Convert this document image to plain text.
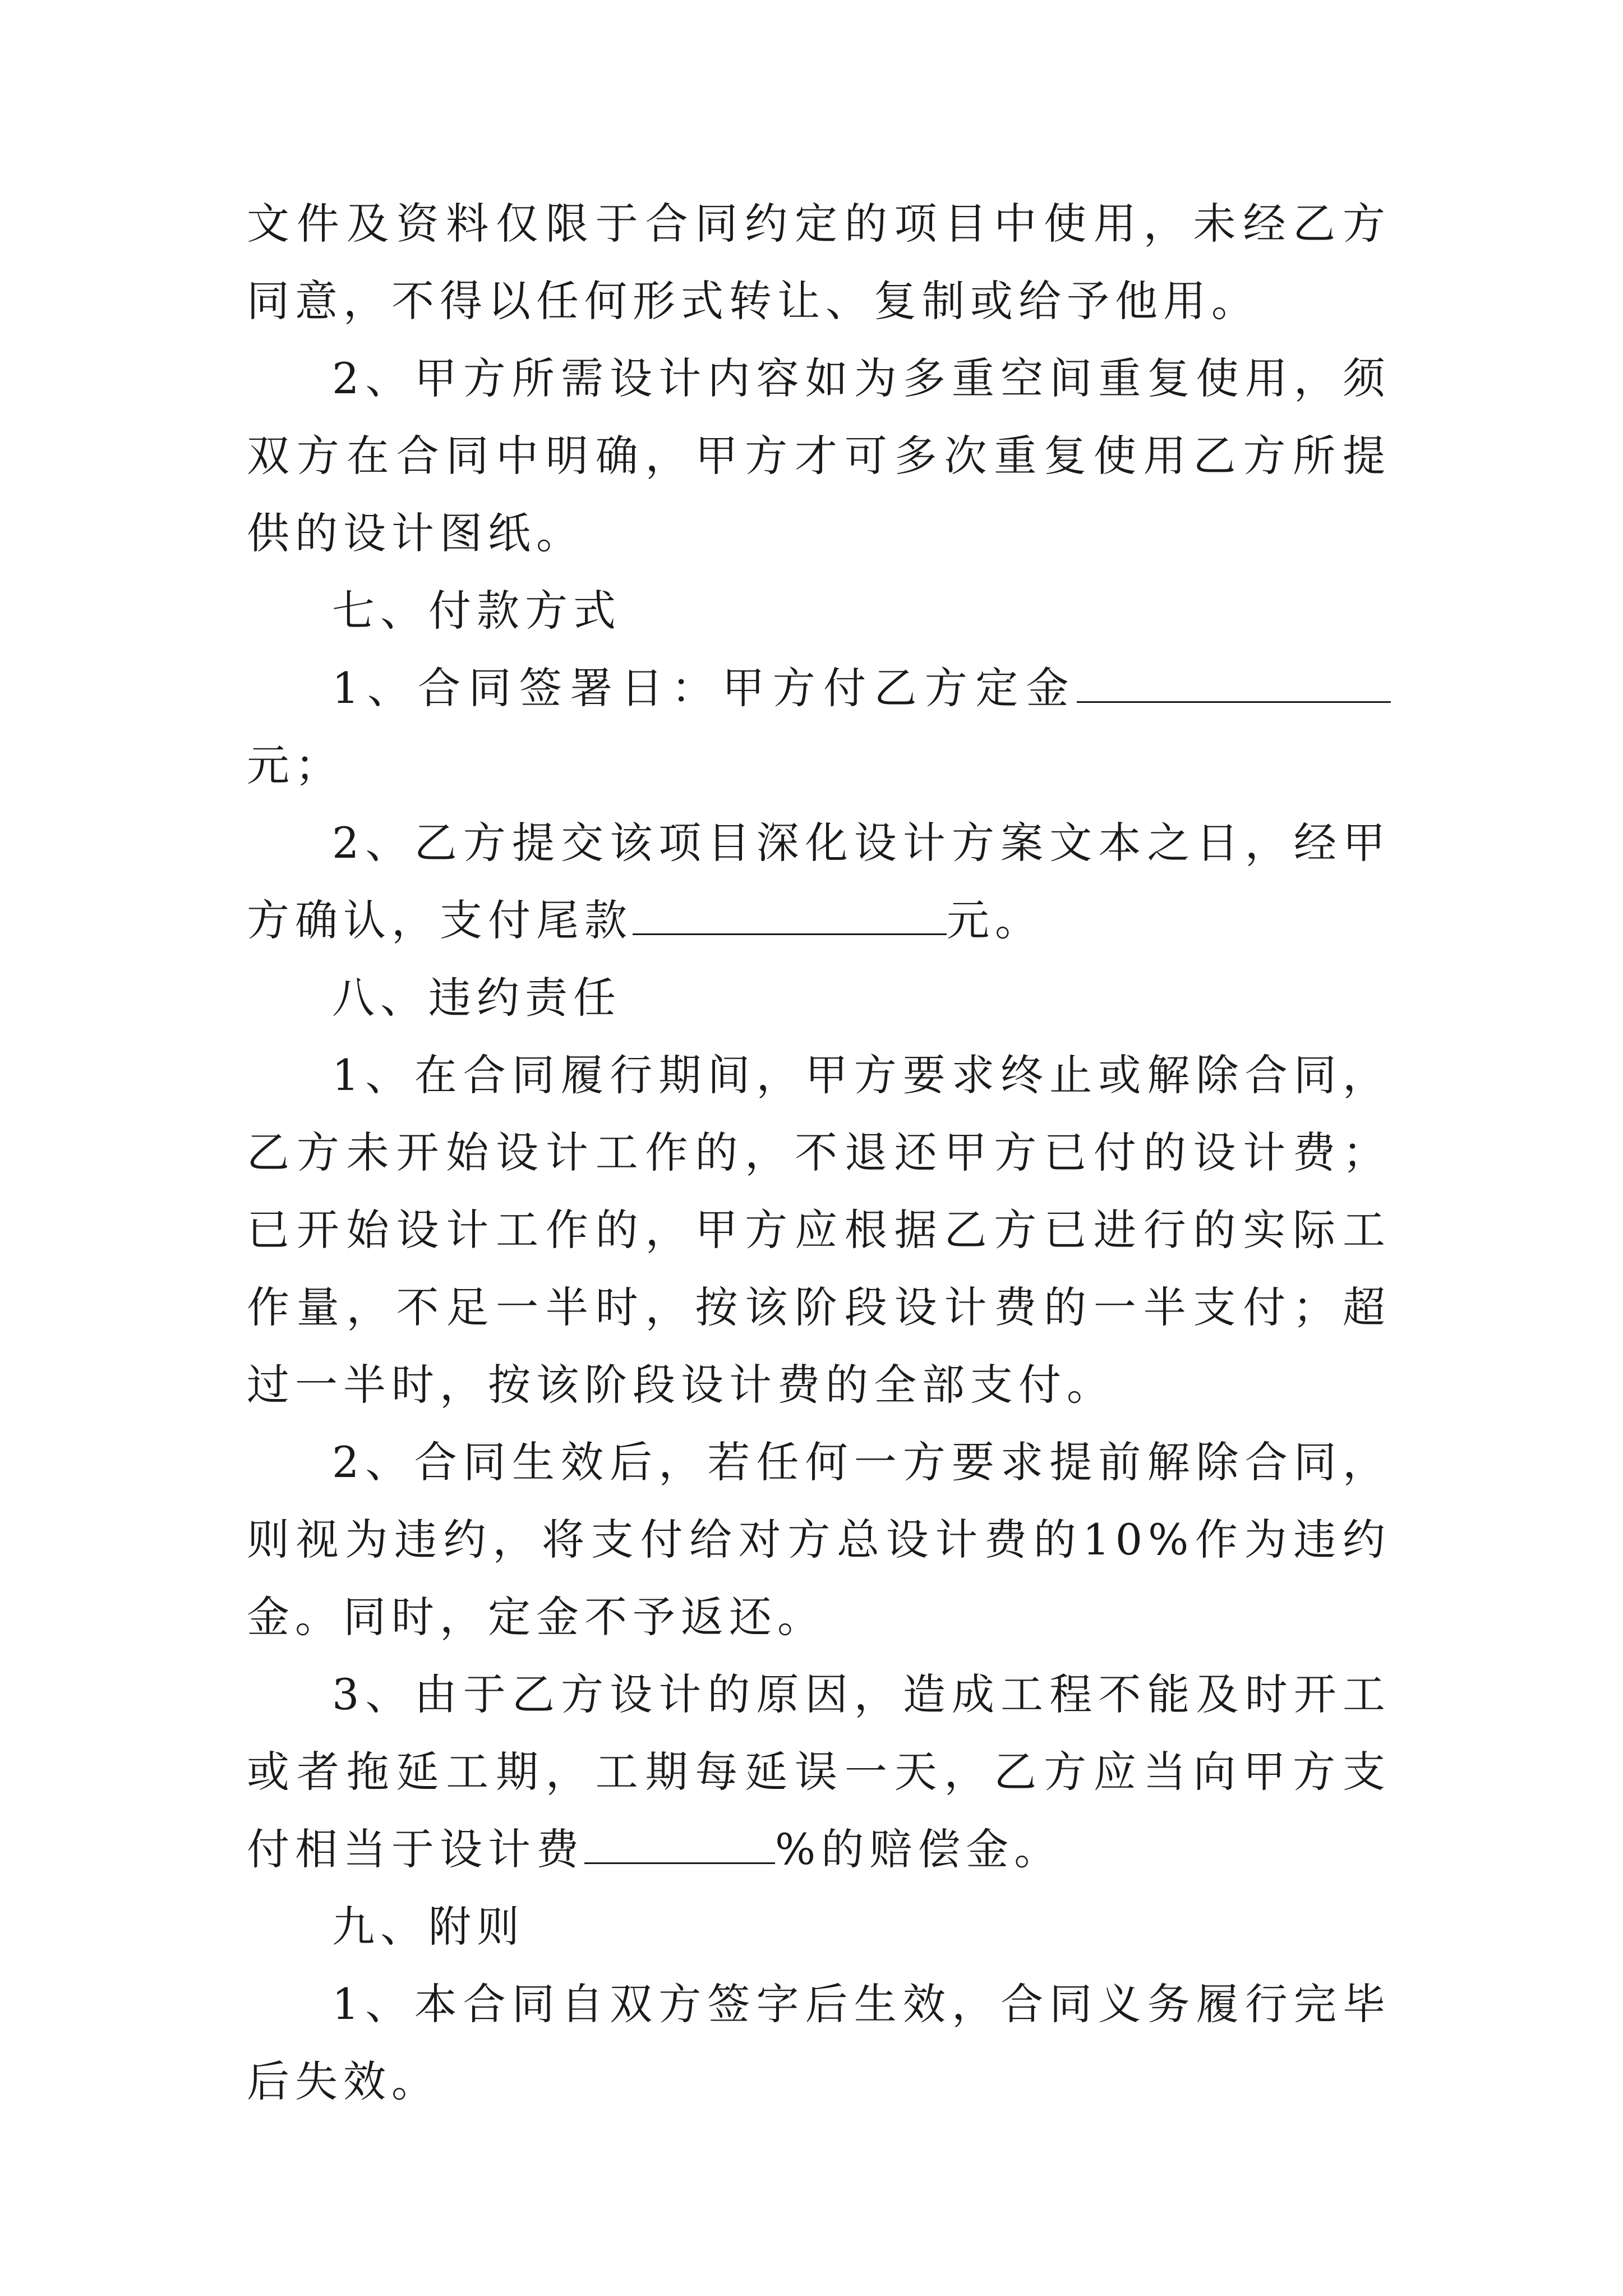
文件及资料仅限于合同约定的项目中使用，未经乙方同意，不得以任何形式转让、复制或给予他用。

2、甲方所需设计内容如为多重空间重复使用，须双方在合同中明确，甲方才可多次重复使用乙方所提供的设计图纸。

七、付款方式

1、合同签署日：甲方付乙方定金元；

2、乙方提交该项目深化设计方案文本之日，经甲方确认，支付尾款	元。

八、违约责任

1、在合同履行期间，甲方要求终止或解除合同，乙方未开始设计工作的，不退还甲方已付的设计费；已开始设计工作的，甲方应根据乙方已进行的实际工作量，不足一半时，按该阶段设计费的一半支付；超过一半时，按该阶段设计费的全部支付。

2、合同生效后，若任何一方要求提前解除合同，则视为违约，将支付给对方总设计费的10%作为违约金。同时，定金不予返还。

3、由于乙方设计的原因，造成工程不能及时开工或者拖延工期，工期每延误一天，乙方应当向甲方支付相当于设计费	%的赔偿金。

九、附则

1、本合同自双方签字后生效，合同义务履行完毕后失效。
